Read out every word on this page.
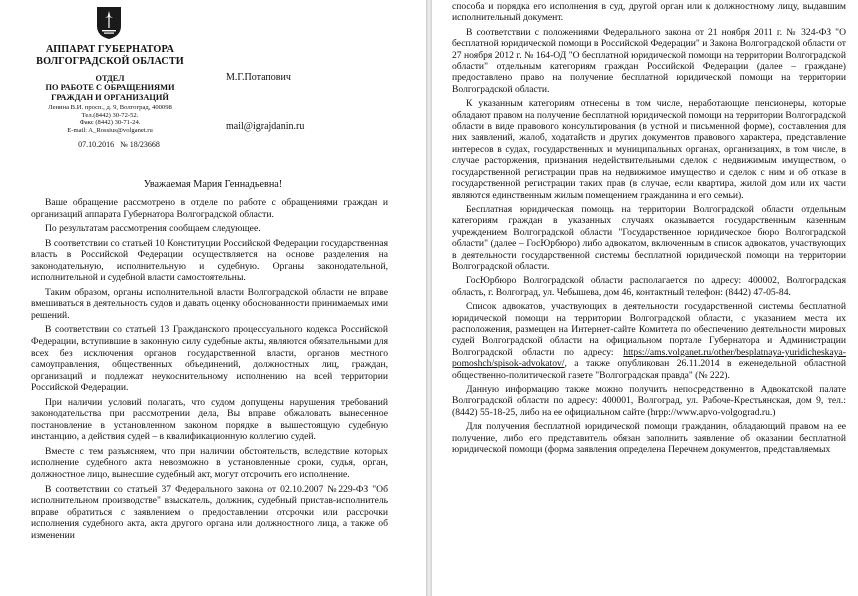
АППАРАТ ГУБЕРНАТОРА
ВОЛГОГРАДСКОЙ ОБЛАСТИ
ОТДЕЛ
ПО РАБОТЕ С ОБРАЩЕНИЯМИ
ГРАЖДАН И ОРГАНИЗАЦИЙ
Ленина В.И. просп., д. 9, Волгоград, 400098
Тел.(8442) 30-72-52.
Факс (8442) 30-71-24.
E-mail: A_Rossius@volganet.ru
07.10.2016 № 18/23668
М.Г.Потапович
mail@igrajdanin.ru
Уважаемая Мария Геннадьевна!

Ваше обращение рассмотрено в отделе по работе с обращениями граждан и организаций аппарата Губернатора Волгоградской области.

По результатам рассмотрения сообщаем следующее.

В соответствии со статьей 10 Конституции Российской Федерации государственная власть в Российской Федерации осуществляется на основе разделения на законодательную, исполнительную и судебную. Органы законодательной, исполнительной и судебной власти самостоятельны.

Таким образом, органы исполнительной власти Волгоградской области не вправе вмешиваться в деятельность судов и давать оценку обоснованности принимаемых ими решений.

В соответствии со статьей 13 Гражданского процессуального кодекса Российской Федерации, вступившие в законную силу судебные акты, являются обязательными для всех без исключения органов государственной власти, органов местного самоуправления, общественных объединений, должностных лиц, граждан, организаций и подлежат неукоснительному исполнению на всей территории Российской Федерации.

При наличии условий полагать, что судом допущены нарушения требований законодательства при рассмотрении дела, Вы вправе обжаловать вынесенное постановление в установленном законом порядке в вышестоящую судебную инстанцию, а действия судей – в квалификационную коллегию судей.

Вместе с тем разъясняем, что при наличии обстоятельств, вследствие которых исполнение судебного акта невозможно в установленные сроки, судья, орган, должностное лицо, вынесшие судебный акт, могут отсрочить его исполнение.

В соответствии со статьей 37 Федерального закона от 02.10.2007 №229-ФЗ "Об исполнительном производстве" взыскатель, должник, судебный пристав-исполнитель вправе обратиться с заявлением о предоставлении отсрочки или рассрочки исполнения судебного акта, акта другого органа или должностного лица, а также об изменении

способа и порядка его исполнения в суд, другой орган или к должностному лицу, выдавшим исполнительный документ.

В соответствии с положениями Федерального закона от 21 ноября 2011 г. № 324-ФЗ "О бесплатной юридической помощи в Российской Федерации" и Закона Волгоградской области от 27 ноября 2012 г. № 164-ОД "О бесплатной юридической помощи на территории Волгоградской области" отдельным категориям граждан Российской Федерации (далее – граждане) предоставлено право на получение бесплатной юридической помощи на территории Волгоградской области.

К указанным категориям отнесены в том числе, неработающие пенсионеры, которые обладают правом на получение бесплатной юридической помощи на территории Волгоградской области в виде правового консультирования (в устной и письменной форме), составления для них заявлений, жалоб, ходатайств и других документов правового характера, представление интересов в судах, государственных и муниципальных органах, организациях, в том числе, в случае расторжения, признания недействительными сделок с недвижимым имуществом, о государственной регистрации прав на недвижимое имущество и сделок с ним и об отказе в государственной регистрации таких прав (в случае, если квартира, жилой дом или их части являются единственным жилым помещением гражданина и его семьи).

Бесплатная юридическая помощь на территории Волгоградской области отдельным категориям граждан в указанных случаях оказывается государственным казенным учреждением Волгоградской области "Государственное юридическое бюро Волгоградской области" (далее – ГосЮрбюро) либо адвокатом, включенным в список адвокатов, участвующих в деятельности государственной системы бесплатной юридической помощи на территории Волгоградской области.

ГосЮрбюро Волгоградской области располагается по адресу: 400002, Волгоградская область, г. Волгоград, ул. Чебышева, дом 46, контактный телефон: (8442) 47-05-84.

Список адвокатов, участвующих в деятельности государственной системы бесплатной юридической помощи на территории Волгоградской области, с указанием места их расположения, размещен на Интернет-сайте Комитета по обеспечению деятельности мировых судей Волгоградской области на официальном портале Губернатора и Администрации Волгоградской области по адресу: https://ams.volganet.ru/other/besplatnaya-yuridicheskaya-pomoshch/spisok-advokatov/, а также опубликован 26.11.2014 в еженедельной областной общественно-политической газете "Волгоградская правда" (№ 222).

Данную информацию также можно получить непосредственно в Адвокатской палате Волгоградской области по адресу: 400001, Волгоград, ул. Рабоче-Крестьянская, дом 9, тел.: (8442) 55-18-25, либо на ее официальном сайте (hrpp://www.apvo-volgograd.ru.)

Для получения бесплатной юридической помощи гражданин, обладающий правом на ее получение, либо его представитель обязан заполнить заявление об оказании бесплатной юридической помощи (форма заявления определена Перечнем документов, представляемых
